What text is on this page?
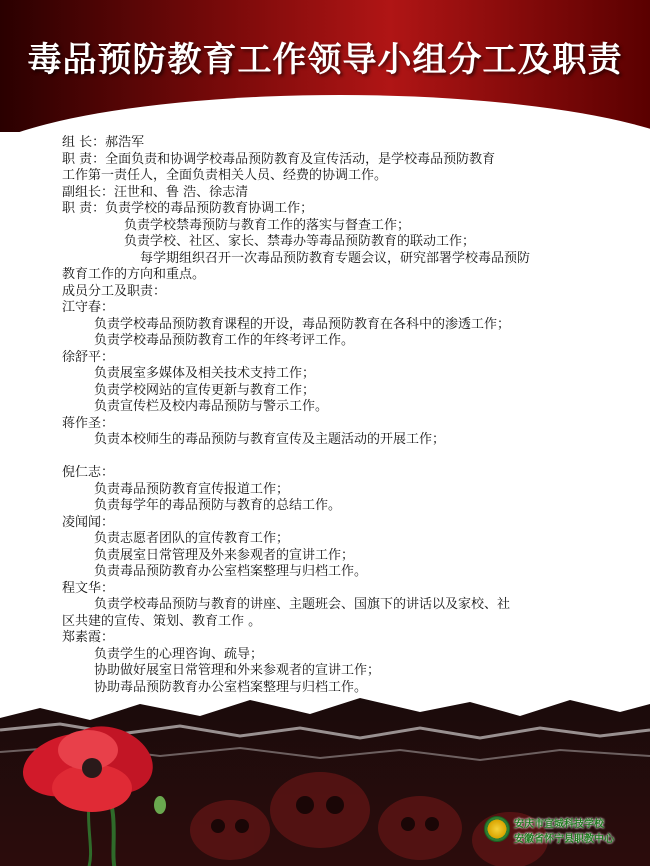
毒品预防教育工作领导小组分工及职责
组 长：郝浩军
职 责：全面负责和协调学校毒品预防教育及宣传活动，是学校毒品预防教育
工作第一责任人，全面负责相关人员、经费的协调工作。
副组长：汪世和、鲁 浩、徐志清
职 责：负责学校的毒品预防教育协调工作；
负责学校禁毒预防与教育工作的落实与督查工作；
负责学校、社区、家长、禁毒办等毒品预防教育的联动工作；
每学期组织召开一次毒品预防教育专题会议，研究部署学校毒品预防
教育工作的方向和重点。
成员分工及职责：
江守春：
负责学校毒品预防教育课程的开设，毒品预防教育在各科中的渗透工作；
负责学校毒品预防教育工作的年终考评工作。
徐舒平：
负责展室多媒体及相关技术支持工作；
负责学校网站的宣传更新与教育工作；
负责宣传栏及校内毒品预防与警示工作。
蒋作圣：
负责本校师生的毒品预防与教育宣传及主题活动的开展工作；
倪仁志：
负责毒品预防教育宣传报道工作；
负责每学年的毒品预防与教育的总结工作。
凌闻闻：
负责志愿者团队的宣传教育工作；
负责展室日常管理及外来参观者的宣讲工作；
负责毒品预防教育办公室档案整理与归档工作。
程文华：
负责学校毒品预防与教育的讲座、主题班会、国旗下的讲话以及家校、社
区共建的宣传、策划、教育工作 。
郑素霞：
负责学生的心理咨询、疏导；
协助做好展室日常管理和外来参观者的宣讲工作；
协助毒品预防教育办公室档案整理与归档工作。
安庆市宜城科技学校
安徽省怀宁县职教中心
